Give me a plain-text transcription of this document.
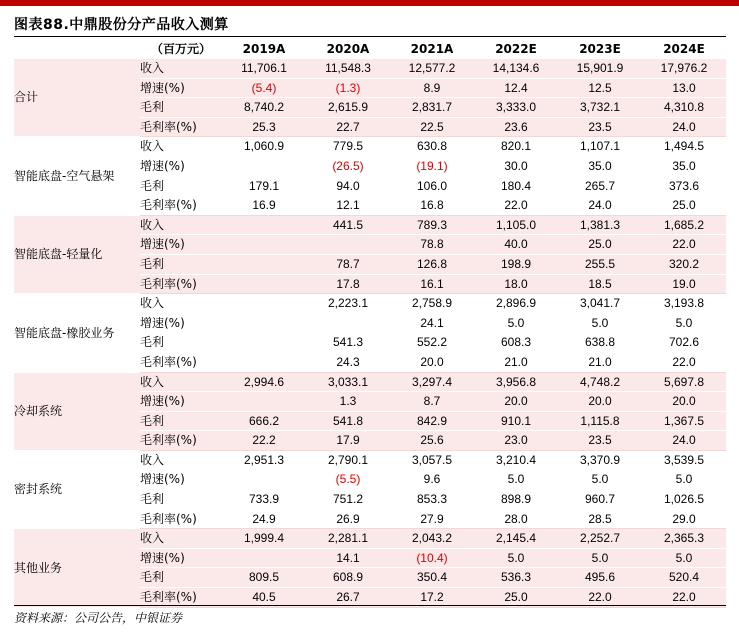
图表88.中鼎股份分产品收入测算
	（百万元）	2019A	2020A	2021A	2022E	2023E	2024E
合计	收入	11,706.1	11,548.3	12,577.2	14,134.6	15,901.9	17,976.2
	增速(%)	(5.4)	(1.3)	8.9	12.4	12.5	13.0
	毛利	8,740.2	2,615.9	2,831.7	3,333.0	3,732.1	4,310.8
	毛利率(%)	25.3	22.7	22.5	23.6	23.5	24.0
智能底盘-空气悬架	收入	1,060.9	779.5	630.8	820.1	1,107.1	1,494.5
	增速(%)		(26.5)	(19.1)	30.0	35.0	35.0
	毛利	179.1	94.0	106.0	180.4	265.7	373.6
	毛利率(%)	16.9	12.1	16.8	22.0	24.0	25.0
智能底盘-轻量化	收入		441.5	789.3	1,105.0	1,381.3	1,685.2
	增速(%)			78.8	40.0	25.0	22.0
	毛利		78.7	126.8	198.9	255.5	320.2
	毛利率(%)		17.8	16.1	18.0	18.5	19.0
智能底盘-橡胶业务	收入		2,223.1	2,758.9	2,896.9	3,041.7	3,193.8
	增速(%)			24.1	5.0	5.0	5.0
	毛利		541.3	552.2	608.3	638.8	702.6
	毛利率(%)		24.3	20.0	21.0	21.0	22.0
冷却系统	收入	2,994.6	3,033.1	3,297.4	3,956.8	4,748.2	5,697.8
	增速(%)		1.3	8.7	20.0	20.0	20.0
	毛利	666.2	541.8	842.9	910.1	1,115.8	1,367.5
	毛利率(%)	22.2	17.9	25.6	23.0	23.5	24.0
密封系统	收入	2,951.3	2,790.1	3,057.5	3,210.4	3,370.9	3,539.5
	增速(%)		(5.5)	9.6	5.0	5.0	5.0
	毛利	733.9	751.2	853.3	898.9	960.7	1,026.5
	毛利率(%)	24.9	26.9	27.9	28.0	28.5	29.0
其他业务	收入	1,999.4	2,281.1	2,043.2	2,145.4	2,252.7	2,365.3
	增速(%)		14.1	(10.4)	5.0	5.0	5.0
	毛利	809.5	608.9	350.4	536.3	495.6	520.4
	毛利率(%)	40.5	26.7	17.2	25.0	22.0	22.0
资料来源：公司公告，中银证券
